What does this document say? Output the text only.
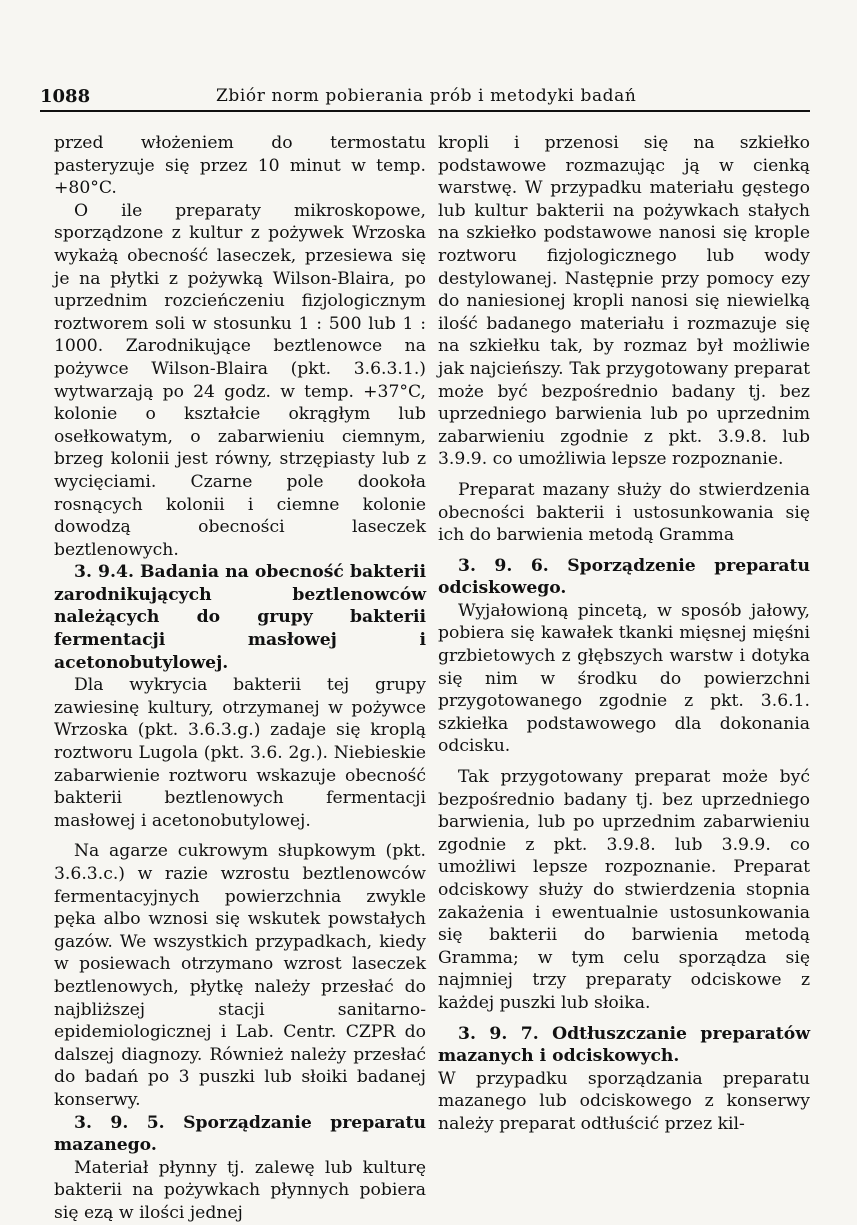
1088	Zbiór norm pobierania prób i metodyki badań

przed włożeniem do termostatu pasteryzuje się przez 10 minut w temp. +80°C.

O ile preparaty mikroskopowe, sporządzone z kultur z pożywek Wrzoska wykażą obecność laseczek, przesiewa się je na płytki z pożywką Wilson-Blaira, po uprzednim rozcieńczeniu fizjologicznym roztworem soli w stosunku 1 : 500 lub 1 : 1000. Zarodnikujące beztlenowce na pożywce Wilson-Blaira (pkt. 3.6.3.1.) wytwarzają po 24 godz. w temp. +37°C, kolonie o kształcie okrągłym lub osełkowatym, o zabarwieniu ciemnym, brzeg kolonii jest równy, strzępiasty lub z wycięciami. Czarne pole dookoła rosnących kolonii i ciemne kolonie dowodzą obecności laseczek beztlenowych.

3. 9.4. Badania na obecność bakterii zarodnikujących beztlenowców należących do grupy bakterii fermentacji masłowej i acetonobutylowej.

Dla wykrycia bakterii tej grupy zawiesinę kultury, otrzymanej w pożywce Wrzoska (pkt. 3.6.3.g.) zadaje się kroplą roztworu Lugola (pkt. 3.6. 2g.). Niebieskie zabarwienie roztworu wskazuje obecność bakterii beztlenowych fermentacji masłowej i acetonobutylowej.

Na agarze cukrowym słupkowym (pkt. 3.6.3.c.) w razie wzrostu beztlenowców fermentacyjnych powierzchnia zwykle pęka albo wznosi się wskutek powstałych gazów. We wszystkich przypadkach, kiedy w posiewach otrzymano wzrost laseczek beztlenowych, płytkę należy przesłać do najbliższej stacji sanitarno-epidemiologicznej i Lab. Centr. CZPR do dalszej diagnozy. Również należy przesłać do badań po 3 puszki lub słoiki badanej konserwy.

3. 9. 5. Sporządzanie preparatu mazanego.

Materiał płynny tj. zalewę lub kulturę bakterii na pożywkach płynnych pobiera się ezą w ilości jednej

kropli i przenosi się na szkiełko podstawowe rozmazując ją w cienką warstwę. W przypadku materiału gęstego lub kultur bakterii na pożywkach stałych na szkiełko podstawowe nanosi się krople roztworu fizjologicznego lub wody destylowanej. Następnie przy pomocy ezy do naniesionej kropli nanosi się niewielką ilość badanego materiału i rozmazuje się na szkiełku tak, by rozmaz był możliwie jak najcieńszy. Tak przygotowany preparat może być bezpośrednio badany tj. bez uprzedniego barwienia lub po uprzednim zabarwieniu zgodnie z pkt. 3.9.8. lub 3.9.9. co umożliwia lepsze rozpoznanie.

Preparat mazany służy do stwierdzenia obecności bakterii i ustosunkowania się ich do barwienia metodą Gramma

3. 9. 6. Sporządzenie preparatu odciskowego.

Wyjałowioną pincetą, w sposób jałowy, pobiera się kawałek tkanki mięsnej mięśni grzbietowych z głębszych warstw i dotyka się nim w środku do powierzchni przygotowanego zgodnie z pkt. 3.6.1. szkiełka podstawowego dla dokonania odcisku.

Tak przygotowany preparat może być bezpośrednio badany tj. bez uprzedniego barwienia, lub po uprzednim zabarwieniu zgodnie z pkt. 3.9.8. lub 3.9.9. co umożliwi lepsze rozpoznanie. Preparat odciskowy służy do stwierdzenia stopnia zakażenia i ewentualnie ustosunkowania się bakterii do barwienia metodą Gramma; w tym celu sporządza się najmniej trzy preparaty odciskowe z każdej puszki lub słoika.

3. 9. 7. Odtłuszczanie preparatów mazanych i odciskowych.

W przypadku sporządzania preparatu mazanego lub odciskowego z konserwy należy preparat odtłuścić przez kil-
